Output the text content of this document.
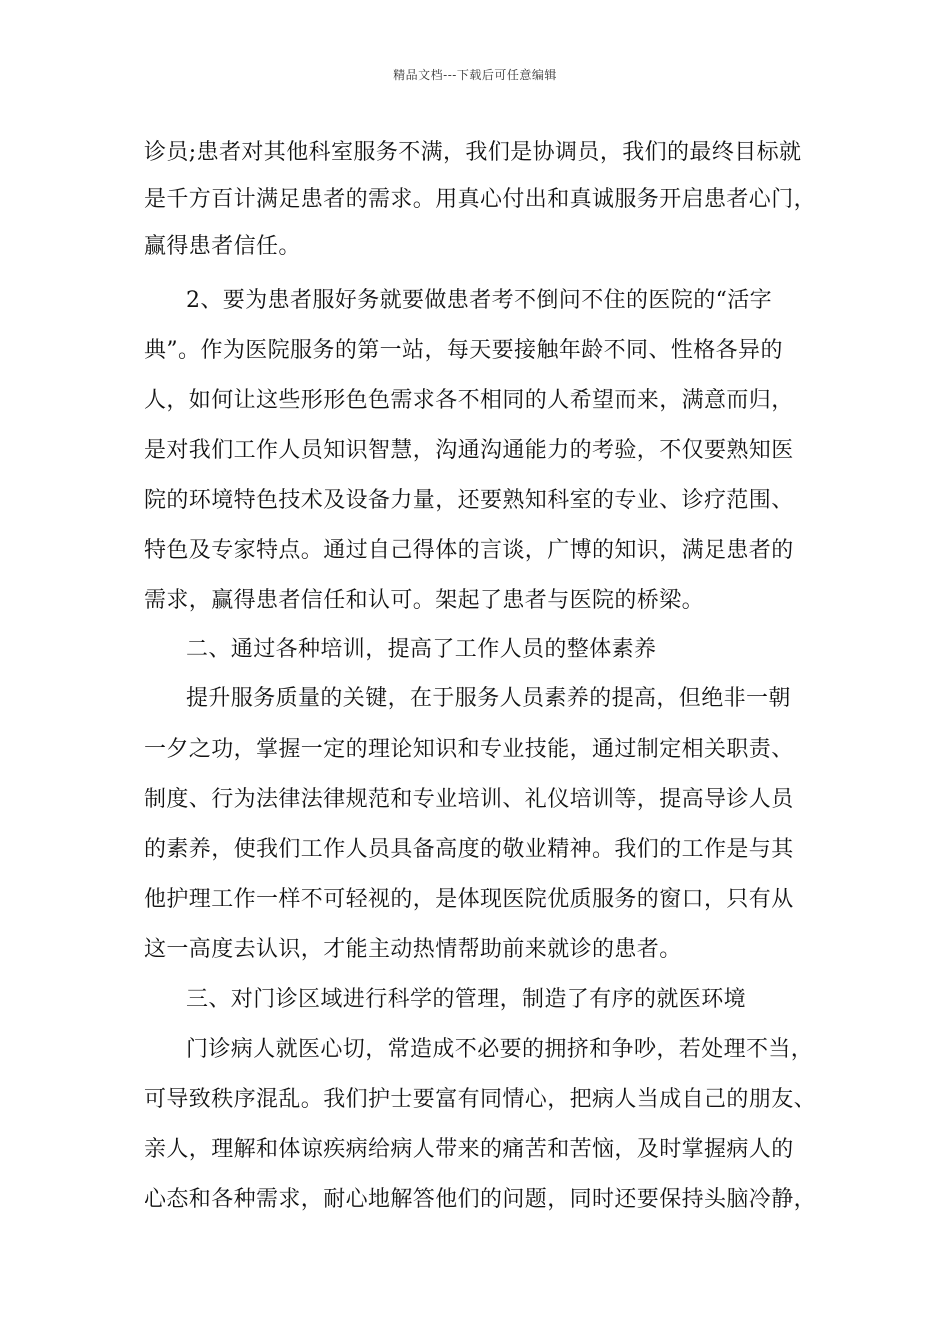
精品文档---下载后可任意编辑
诊员;患者对其他科室服务不满，我们是协调员，我们的最终目标就
是千方百计满足患者的需求。用真心付出和真诚服务开启患者心门，
赢得患者信任。
2、要为患者服好务就要做患者考不倒问不住的医院的“活字
典”。作为医院服务的第一站，每天要接触年龄不同、性格各异的
人，如何让这些形形色色需求各不相同的人希望而来，满意而归，
是对我们工作人员知识智慧，沟通沟通能力的考验，不仅要熟知医
院的环境特色技术及设备力量，还要熟知科室的专业、诊疗范围、
特色及专家特点。通过自己得体的言谈，广博的知识，满足患者的
需求，赢得患者信任和认可。架起了患者与医院的桥梁。
二、通过各种培训，提高了工作人员的整体素养
提升服务质量的关键，在于服务人员素养的提高，但绝非一朝
一夕之功，掌握一定的理论知识和专业技能，通过制定相关职责、
制度、行为法律法律规范和专业培训、礼仪培训等，提高导诊人员
的素养，使我们工作人员具备高度的敬业精神。我们的工作是与其
他护理工作一样不可轻视的，是体现医院优质服务的窗口，只有从
这一高度去认识，才能主动热情帮助前来就诊的患者。
三、对门诊区域进行科学的管理，制造了有序的就医环境
门诊病人就医心切，常造成不必要的拥挤和争吵，若处理不当，
可导致秩序混乱。我们护士要富有同情心，把病人当成自己的朋友、
亲人，理解和体谅疾病给病人带来的痛苦和苦恼，及时掌握病人的
心态和各种需求，耐心地解答他们的问题，同时还要保持头脑冷静，
